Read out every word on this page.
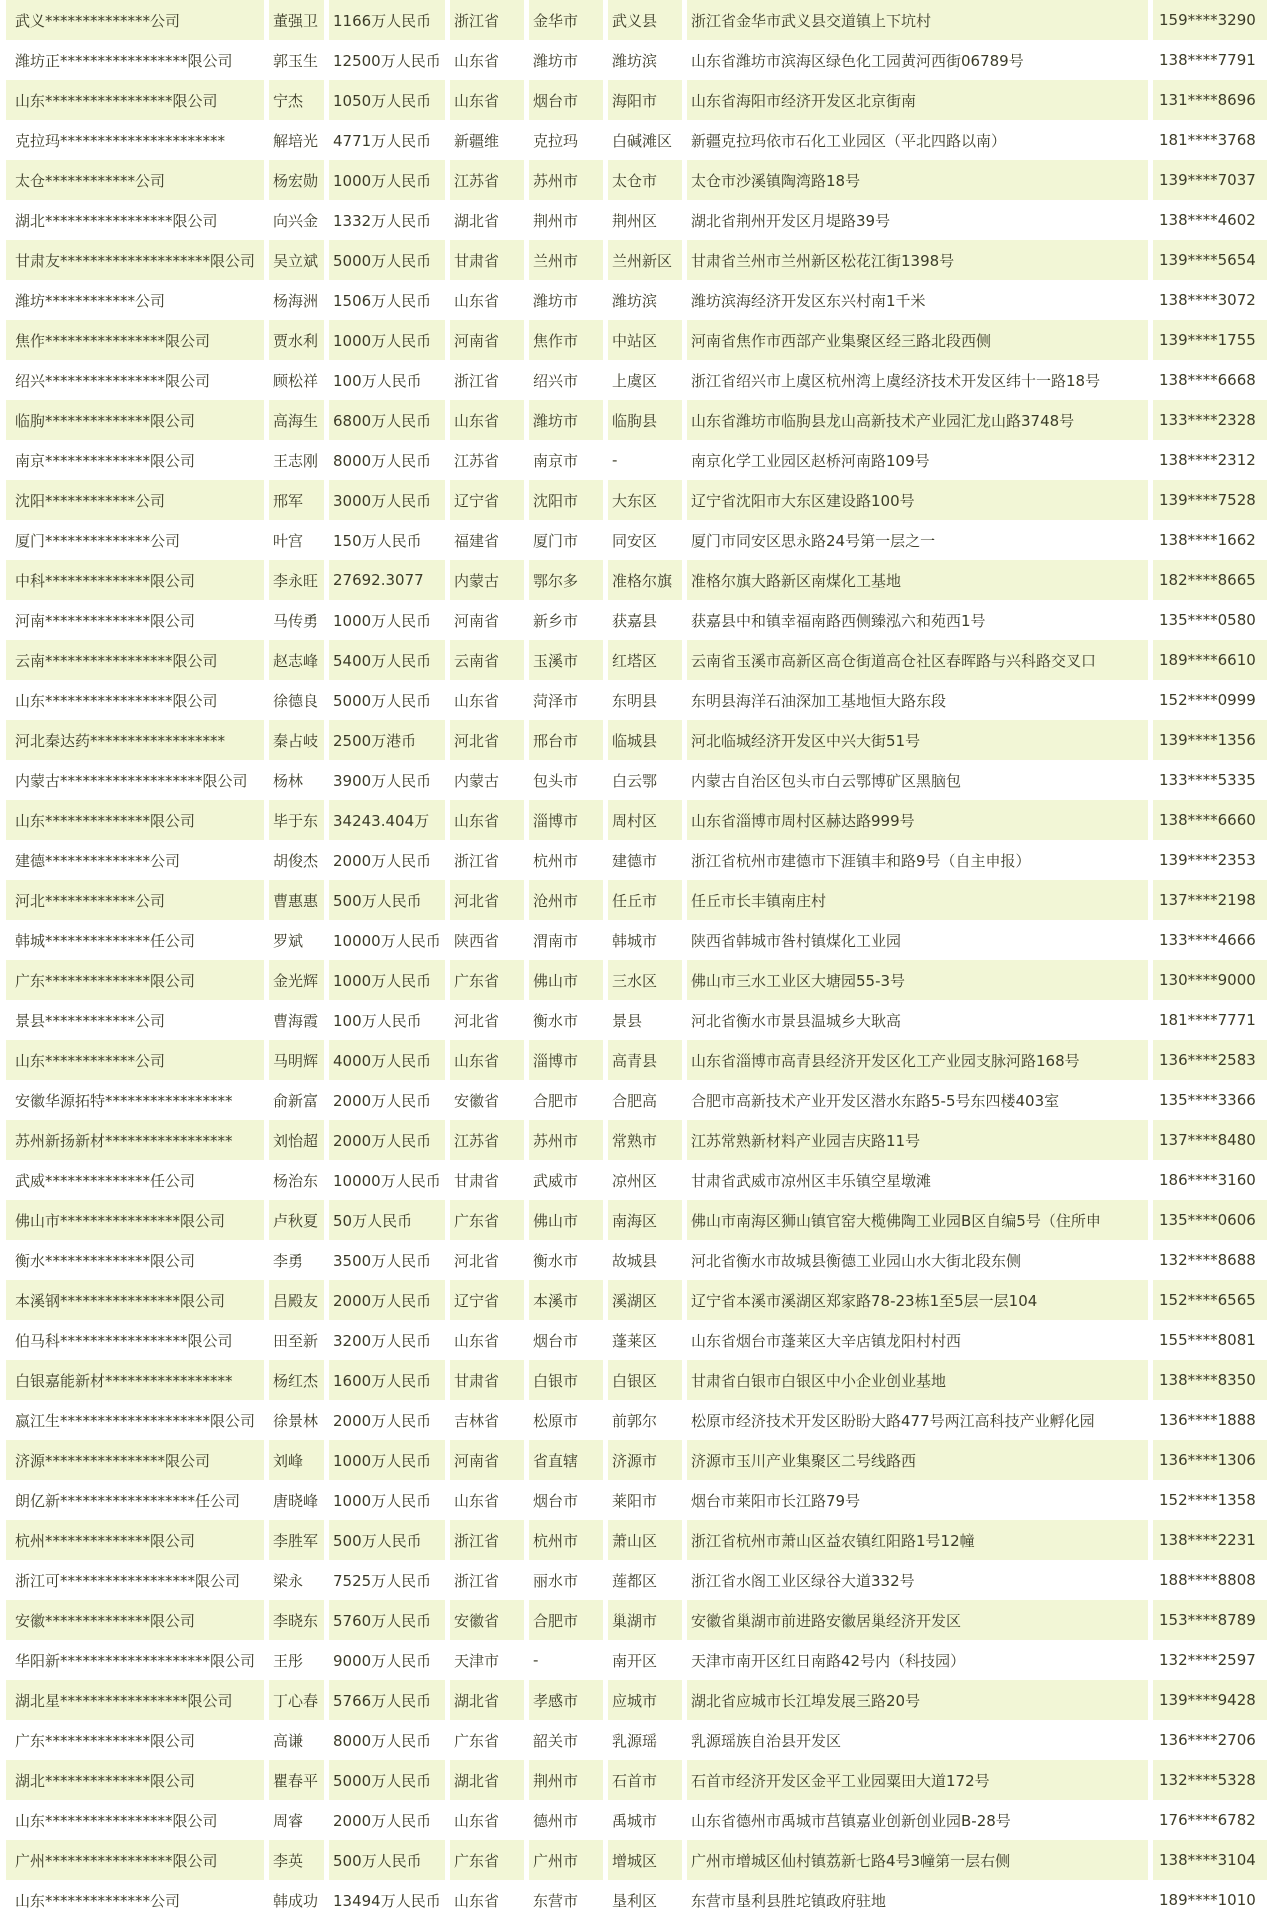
武义**************公司	董强卫	1166万人民币	浙江省	金华市	武义县	浙江省金华市武义县交道镇上下坑村	159****3290
潍坊正*****************限公司	郭玉生	12500万人民币	山东省	潍坊市	潍坊滨	山东省潍坊市滨海区绿色化工园黄河西街06789号	138****7791
山东*****************限公司	宁杰	1050万人民币	山东省	烟台市	海阳市	山东省海阳市经济开发区北京街南	131****8696
克拉玛**********************	解培光	4771万人民币	新疆维	克拉玛	白碱滩区	新疆克拉玛依市石化工业园区（平北四路以南）	181****3768
太仓************公司	杨宏勋	1000万人民币	江苏省	苏州市	太仓市	太仓市沙溪镇陶湾路18号	139****7037
湖北*****************限公司	向兴金	1332万人民币	湖北省	荆州市	荆州区	湖北省荆州开发区月堤路39号	138****4602
甘肃友********************限公司	吴立斌	5000万人民币	甘肃省	兰州市	兰州新区	甘肃省兰州市兰州新区松花江街1398号	139****5654
潍坊************公司	杨海洲	1506万人民币	山东省	潍坊市	潍坊滨	潍坊滨海经济开发区东兴村南1千米	138****3072
焦作****************限公司	贾水利	1000万人民币	河南省	焦作市	中站区	河南省焦作市西部产业集聚区经三路北段西侧	139****1755
绍兴****************限公司	顾松祥	100万人民币	浙江省	绍兴市	上虞区	浙江省绍兴市上虞区杭州湾上虞经济技术开发区纬十一路18号	138****6668
临朐**************限公司	高海生	6800万人民币	山东省	潍坊市	临朐县	山东省潍坊市临朐县龙山高新技术产业园汇龙山路3748号	133****2328
南京**************限公司	王志刚	8000万人民币	江苏省	南京市	-	南京化学工业园区赵桥河南路109号	138****2312
沈阳************公司	邢军	3000万人民币	辽宁省	沈阳市	大东区	辽宁省沈阳市大东区建设路100号	139****7528
厦门**************公司	叶宫	150万人民币	福建省	厦门市	同安区	厦门市同安区思永路24号第一层之一	138****1662
中科**************限公司	李永旺	27692.3077	内蒙古	鄂尔多	准格尔旗	准格尔旗大路新区南煤化工基地	182****8665
河南**************限公司	马传勇	1000万人民币	河南省	新乡市	获嘉县	获嘉县中和镇幸福南路西侧臻泓六和苑西1号	135****0580
云南*****************限公司	赵志峰	5400万人民币	云南省	玉溪市	红塔区	云南省玉溪市高新区高仓街道高仓社区春晖路与兴科路交叉口	189****6610
山东*****************限公司	徐德良	5000万人民币	山东省	菏泽市	东明县	东明县海洋石油深加工基地恒大路东段	152****0999
河北秦达药******************	秦占岐	2500万港币	河北省	邢台市	临城县	河北临城经济开发区中兴大街51号	139****1356
内蒙古*******************限公司	杨林	3900万人民币	内蒙古	包头市	白云鄂	内蒙古自治区包头市白云鄂博矿区黑脑包	133****5335
山东**************限公司	毕于东	34243.404万	山东省	淄博市	周村区	山东省淄博市周村区赫达路999号	138****6660
建德**************公司	胡俊杰	2000万人民币	浙江省	杭州市	建德市	浙江省杭州市建德市下涯镇丰和路9号（自主申报）	139****2353
河北************公司	曹惠惠	500万人民币	河北省	沧州市	任丘市	任丘市长丰镇南庄村	137****2198
韩城**************任公司	罗斌	10000万人民币	陕西省	渭南市	韩城市	陕西省韩城市昝村镇煤化工业园	133****4666
广东**************限公司	金光辉	1000万人民币	广东省	佛山市	三水区	佛山市三水工业区大塘园55-3号	130****9000
景县************公司	曹海霞	100万人民币	河北省	衡水市	景县	河北省衡水市景县温城乡大耿高	181****7771
山东************公司	马明辉	4000万人民币	山东省	淄博市	高青县	山东省淄博市高青县经济开发区化工产业园支脉河路168号	136****2583
安徽华源拓特*****************	俞新富	2000万人民币	安徽省	合肥市	合肥高	合肥市高新技术产业开发区潜水东路5-5号东四楼403室	135****3366
苏州新扬新材*****************	刘怡超	2000万人民币	江苏省	苏州市	常熟市	江苏常熟新材料产业园吉庆路11号	137****8480
武威**************任公司	杨治东	10000万人民币	甘肃省	武威市	凉州区	甘肃省武威市凉州区丰乐镇空星墩滩	186****3160
佛山市****************限公司	卢秋夏	50万人民币	广东省	佛山市	南海区	佛山市南海区狮山镇官窑大榄佛陶工业园B区自编5号（住所申	135****0606
衡水**************限公司	李勇	3500万人民币	河北省	衡水市	故城县	河北省衡水市故城县衡德工业园山水大街北段东侧	132****8688
本溪钢****************限公司	吕殿友	2000万人民币	辽宁省	本溪市	溪湖区	辽宁省本溪市溪湖区郑家路78-23栋1至5层一层104	152****6565
伯马科*****************限公司	田至新	3200万人民币	山东省	烟台市	蓬莱区	山东省烟台市蓬莱区大辛店镇龙阳村村西	155****8081
白银嘉能新材*****************	杨红杰	1600万人民币	甘肃省	白银市	白银区	甘肃省白银市白银区中小企业创业基地	138****8350
嬴江生********************限公司	徐景林	2000万人民币	吉林省	松原市	前郭尔	松原市经济技术开发区盼盼大路477号两江高科技产业孵化园	136****1888
济源****************限公司	刘峰	1000万人民币	河南省	省直辖	济源市	济源市玉川产业集聚区二号线路西	136****1306
朗亿新******************任公司	唐晓峰	1000万人民币	山东省	烟台市	莱阳市	烟台市莱阳市长江路79号	152****1358
杭州**************限公司	李胜军	500万人民币	浙江省	杭州市	萧山区	浙江省杭州市萧山区益农镇红阳路1号12幢	138****2231
浙江可******************限公司	梁永	7525万人民币	浙江省	丽水市	莲都区	浙江省水阁工业区绿谷大道332号	188****8808
安徽**************限公司	李晓东	5760万人民币	安徽省	合肥市	巢湖市	安徽省巢湖市前进路安徽居巢经济开发区	153****8789
华阳新********************限公司	王彤	9000万人民币	天津市	-	南开区	天津市南开区红日南路42号内（科技园）	132****2597
湖北星*****************限公司	丁心春	5766万人民币	湖北省	孝感市	应城市	湖北省应城市长江埠发展三路20号	139****9428
广东**************限公司	高谦	8000万人民币	广东省	韶关市	乳源瑶	乳源瑶族自治县开发区	136****2706
湖北**************限公司	瞿春平	5000万人民币	湖北省	荆州市	石首市	石首市经济开发区金平工业园粟田大道172号	132****5328
山东*****************限公司	周睿	2000万人民币	山东省	德州市	禹城市	山东省德州市禹城市莒镇嘉业创新创业园B-28号	176****6782
广州*****************限公司	李英	500万人民币	广东省	广州市	增城区	广州市增城区仙村镇荔新七路4号3幢第一层右侧	138****3104
山东**************公司	韩成功	13494万人民币	山东省	东营市	垦利区	东营市垦利县胜坨镇政府驻地	189****1010
